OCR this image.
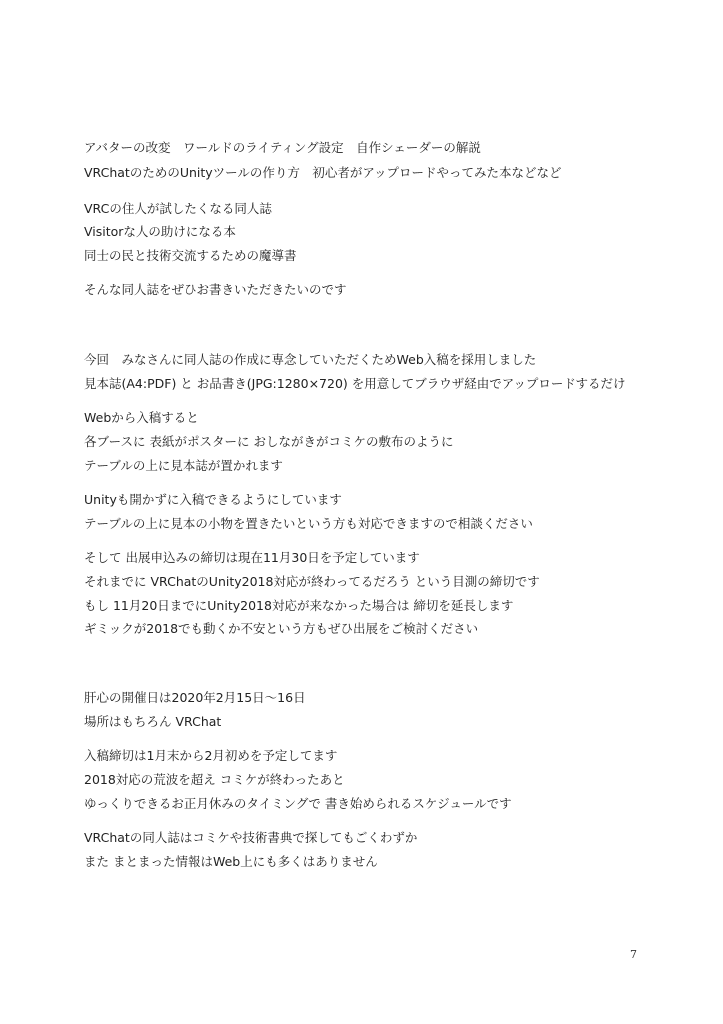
アバターの改変　ワールドのライティング設定　自作シェーダーの解説
VRChatのためのUnityツールの作り方　初心者がアップロードやってみた本などなど
VRCの住人が試したくなる同人誌
Visitorな人の助けになる本
同士の民と技術交流するための魔導書
そんな同人誌をぜひお書きいただきたいのです
今回　みなさんに同人誌の作成に専念していただくためWeb入稿を採用しました
見本誌(A4:PDF) と お品書き(JPG:1280×720) を用意してブラウザ経由でアップロードするだけ
Webから入稿すると
各ブースに 表紙がポスターに おしながきがコミケの敷布のように
テーブルの上に見本誌が置かれます
Unityも開かずに入稿できるようにしています
テーブルの上に見本の小物を置きたいという方も対応できますので相談ください
そして 出展申込みの締切は現在11月30日を予定しています
それまでに VRChatのUnity2018対応が終わってるだろう という目測の締切です
もし 11月20日までにUnity2018対応が来なかった場合は 締切を延長します
ギミックが2018でも動くか不安という方もぜひ出展をご検討ください
肝心の開催日は2020年2月15日〜16日
場所はもちろん VRChat
入稿締切は1月末から2月初めを予定してます
2018対応の荒波を超え コミケが終わったあと
ゆっくりできるお正月休みのタイミングで 書き始められるスケジュールです
VRChatの同人誌はコミケや技術書典で探してもごくわずか
また まとまった情報はWeb上にも多くはありません
7
